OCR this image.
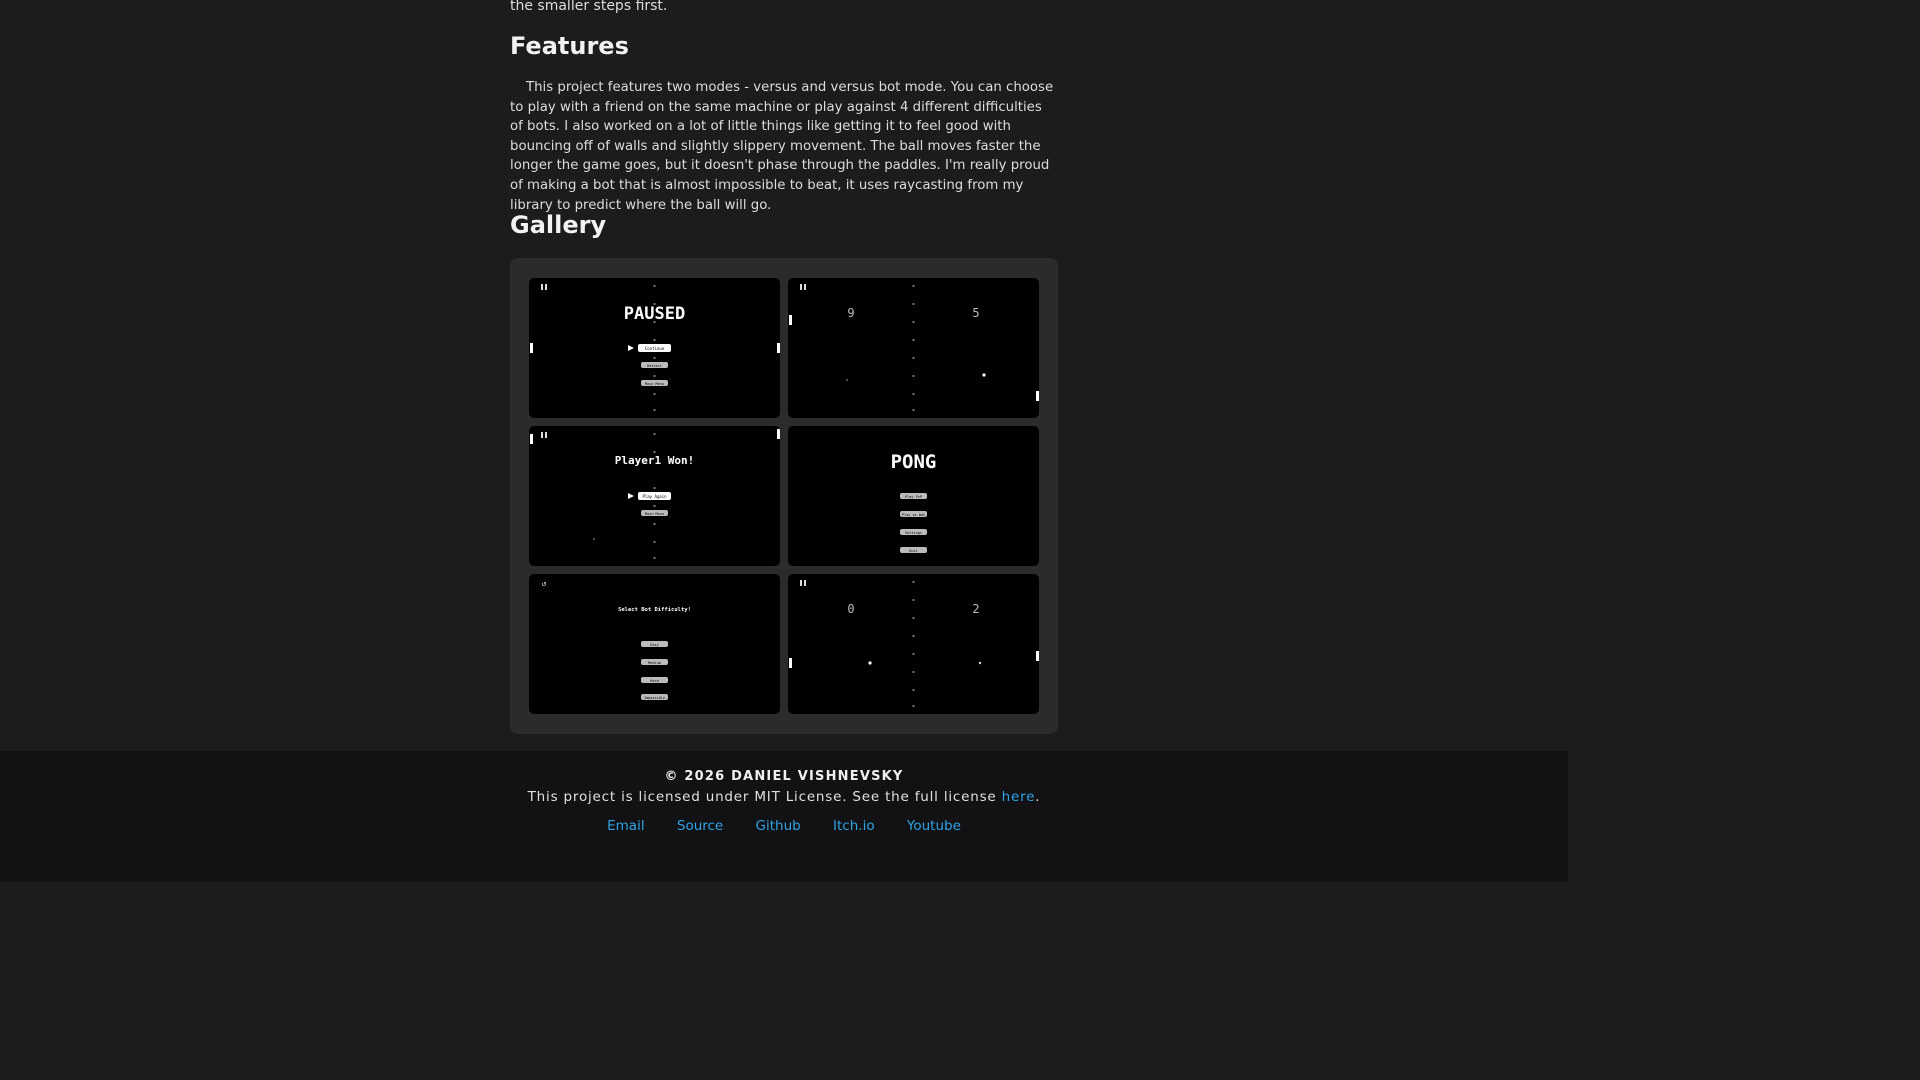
the smaller steps first.
Features

This project features two modes - versus and versus bot mode. You can choose to play with a friend on the same machine or play against 4 different difficulties of bots. I also worked on a lot of little things like getting it to feel good with bouncing off of walls and slightly slippery movement. The ball moves faster the longer the game goes, but it doesn't phase through the paddles. I'm really proud of making a bot that is almost impossible to beat, it uses raycasting from my library to predict where the ball will go.

Gallery
PAUSED
Continue
Restart
Main Menu
9	5
Player1 Won!
Play Again
Main Menu
PONG
Play PvP
Play vs bot
Settings
Quit
↺
Select Bot Difficulty!
Easy
Medium
Hard
Impossible
0	2
© 2026 DANIEL VISHNEVSKY
This project is licensed under MIT License. See the full license here.
Email Source Github Itch.io Youtube
